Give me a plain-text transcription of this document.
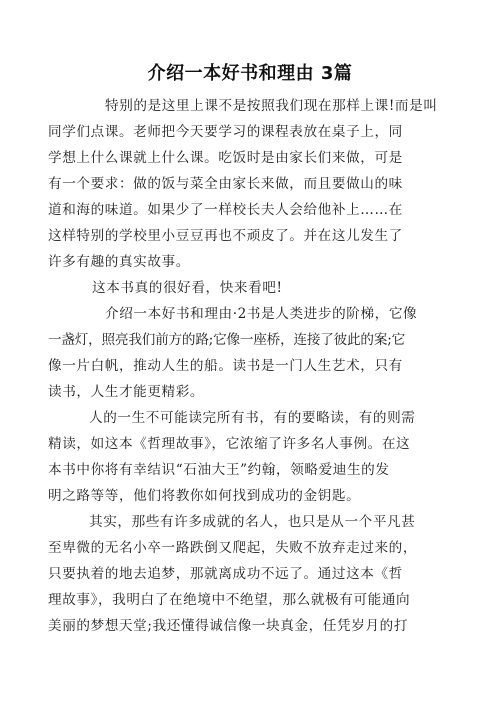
介绍一本好书和理由 3篇
特别的是这里上课不是按照我们现在那样上课!而是叫
同学们点课。老师把今天要学习的课程表放在桌子上，同
学想上什么课就上什么课。吃饭时是由家长们来做，可是
有一个要求：做的饭与菜全由家长来做，而且要做山的味
道和海的味道。如果少了一样校长夫人会给他补上……在
这样特别的学校里小豆豆再也不顽皮了。并在这儿发生了
许多有趣的真实故事。
这本书真的很好看，快来看吧!
介绍一本好书和理由·2书是人类进步的阶梯，它像
一盏灯，照亮我们前方的路;它像一座桥，连接了彼此的案;它
像一片白帆，推动人生的船。读书是一门人生艺术，只有
读书，人生才能更精彩。
人的一生不可能读完所有书，有的要略读，有的则需
精读，如这本《哲理故事》，它浓缩了许多名人事例。在这
本书中你将有幸结识“石油大王”约翰，领略爱迪生的发
明之路等等，他们将教你如何找到成功的金钥匙。
其实，那些有许多成就的名人，也只是从一个平凡甚
至卑微的无名小卒一路跌倒又爬起，失败不放弃走过来的，
只要执着的地去追梦，那就离成功不远了。通过这本《哲
理故事》，我明白了在绝境中不绝望，那么就极有可能通向
美丽的梦想天堂;我还懂得诚信像一块真金，任凭岁月的打
